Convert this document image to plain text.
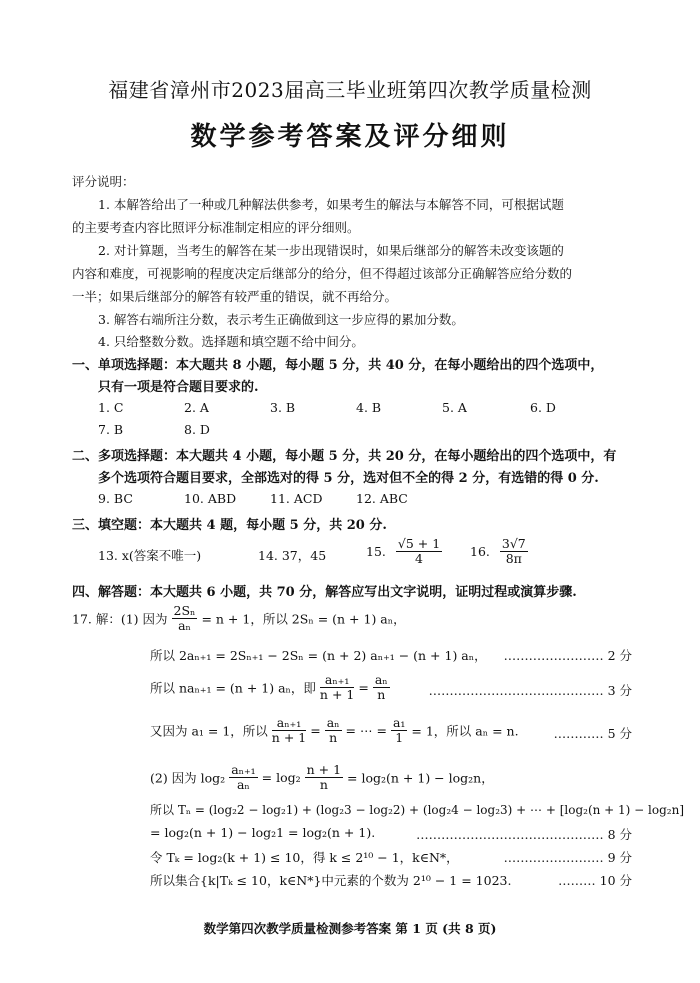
福建省漳州市2023届高三毕业班第四次教学质量检测
数学参考答案及评分细则
评分说明：
1. 本解答给出了一种或几种解法供参考，如果考生的解法与本解答不同，可根据试题
的主要考查内容比照评分标准制定相应的评分细则。
2. 对计算题，当考生的解答在某一步出现错误时，如果后继部分的解答未改变该题的
内容和难度，可视影响的程度决定后继部分的给分，但不得超过该部分正确解答应给分数的
一半；如果后继部分的解答有较严重的错误，就不再给分。
3. 解答右端所注分数，表示考生正确做到这一步应得的累加分数。
4. 只给整数分数。选择题和填空题不给中间分。
一、单项选择题：本大题共 8 小题，每小题 5 分，共 40 分，在每小题给出的四个选项中，
只有一项是符合题目要求的.
1. C	2. A	3. B	4. B	5. A	6. D
7. B	8. D
二、多项选择题：本大题共 4 小题，每小题 5 分，共 20 分，在每小题给出的四个选项中，有
多个选项符合题目要求，全部选对的得 5 分，选对但不全的得 2 分，有选错的得 0 分.
9. BC	10. ABD	11. ACD	12. ABC
三、填空题：本大题共 4 题，每小题 5 分，共 20 分.
13. x(答案不唯一)	14. 37，45	15. $\frac{√5 + 1}{4} 16$. $\frac{3√7}{8\pi}$
四、解答题：本大题共 6 小题，共 70 分，解答应写出文字说明，证明过程或演算步骤.
17. 解：(1) 因为 $\frac{\text{2Sₙ}}{\text{aₙ}} = n + 1$，所以 2Sₙ = (n + 1) aₙ，
所以 2aₙ₊₁ = 2Sₙ₊₁ − 2Sₙ = (n + 2) aₙ₊₁ − (n + 1) aₙ， …………………… 2 分
所以 naₙ₊₁ = (n + 1) aₙ，即 $\frac{\text{aₙ₊₁}}{n + 1} = \frac{\text{aₙ}}{n}$	…………………………………… 3 分
又因为 a₁ = 1，所以 $\frac{\text{aₙ₊₁}}{n + 1} = \frac{\text{aₙ}}{n}$ = ⋯ = $\frac{\text{a₁}}{1} = 1$，所以 aₙ = n.	………… 5 分
(2) 因为 $\log_2 \frac{\text{aₙ₊₁}}{\text{aₙ}} = \log_2 \frac{n + 1}{n} = \log_2(n + 1) - \log_2n$，
所以 Tₙ = (log₂2 − log₂1) + (log₂3 − log₂2) + (log₂4 − log₂3) + ⋯ + [log₂(n + 1) − log₂n]
= log₂(n + 1) − log₂1 = log₂(n + 1).	……………………………………… 8 分
令 Tₖ = log₂(k + 1) ≤ 10，得 k ≤ 2¹⁰ − 1，k∈N*，	…………………… 9 分
所以集合{k|Tₖ ≤ 10，k∈N*}中元素的个数为 2¹⁰ − 1 = 1023.	……… 10 分
数学第四次教学质量检测参考答案 第 1 页 (共 8 页)
